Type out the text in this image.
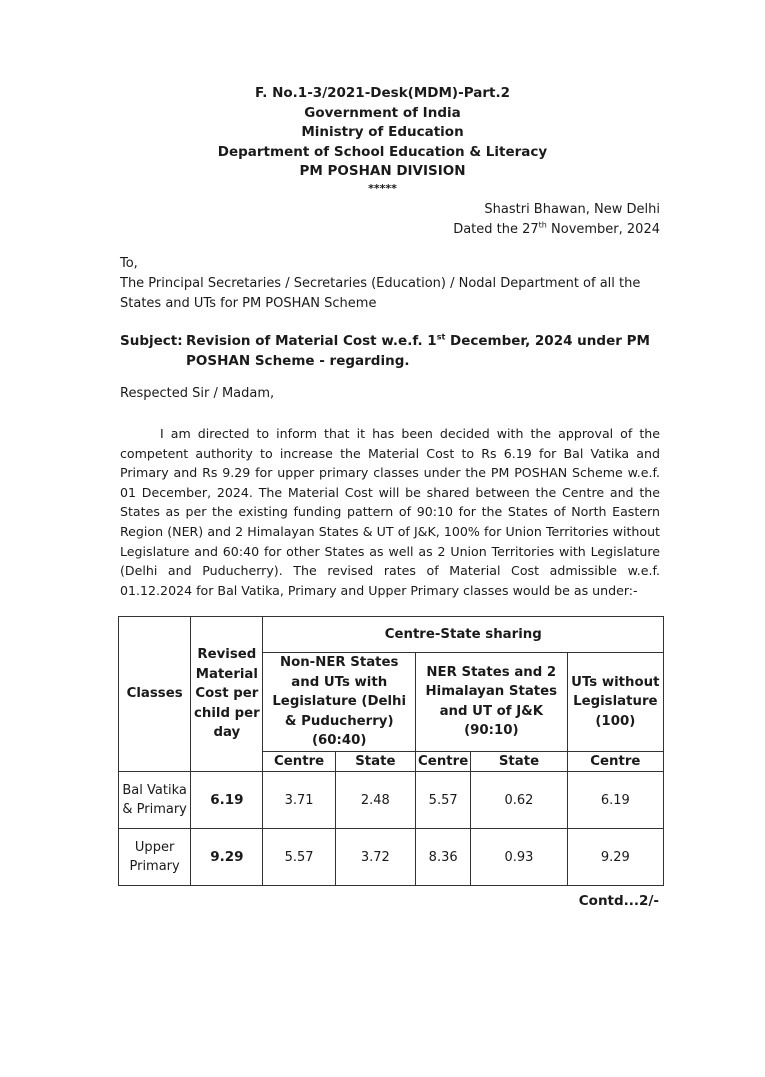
F. No.1-3/2021-Desk(MDM)-Part.2
Government of India
Ministry of Education
Department of School Education & Literacy
PM POSHAN DIVISION
*****
Shastri Bhawan, New Delhi
Dated the 27th November, 2024
To,
The Principal Secretaries / Secretaries (Education) / Nodal Department of all the States and UTs for PM POSHAN Scheme
Subject: Revision of Material Cost w.e.f. 1st December, 2024 under PM
POSHAN Scheme - regarding.
Respected Sir / Madam,
I am directed to inform that it has been decided with the approval of the competent authority to increase the Material Cost to Rs 6.19 for Bal Vatika and Primary and Rs 9.29 for upper primary classes under the PM POSHAN Scheme w.e.f. 01 December, 2024. The Material Cost will be shared between the Centre and the States as per the existing funding pattern of 90:10 for the States of North Eastern Region (NER) and 2 Himalayan States & UT of J&K, 100% for Union Territories without Legislature and 60:40 for other States as well as 2 Union Territories with Legislature (Delhi and Puducherry). The revised rates of Material Cost admissible w.e.f. 01.12.2024 for Bal Vatika, Primary and Upper Primary classes would be as under:-
Classes	Revised Material Cost per child per day	Centre-State sharing				
		Non-NER States and UTs with Legislature (Delhi & Puducherry) (60:40)		NER States and 2 Himalayan States and UT of J&K (90:10)		UTs without Legislature (100)
		Centre	State	Centre	State	Centre
Bal Vatika & Primary	6.19	3.71	2.48	5.57	0.62	6.19
Upper Primary	9.29	5.57	3.72	8.36	0.93	9.29
Contd...2/-
